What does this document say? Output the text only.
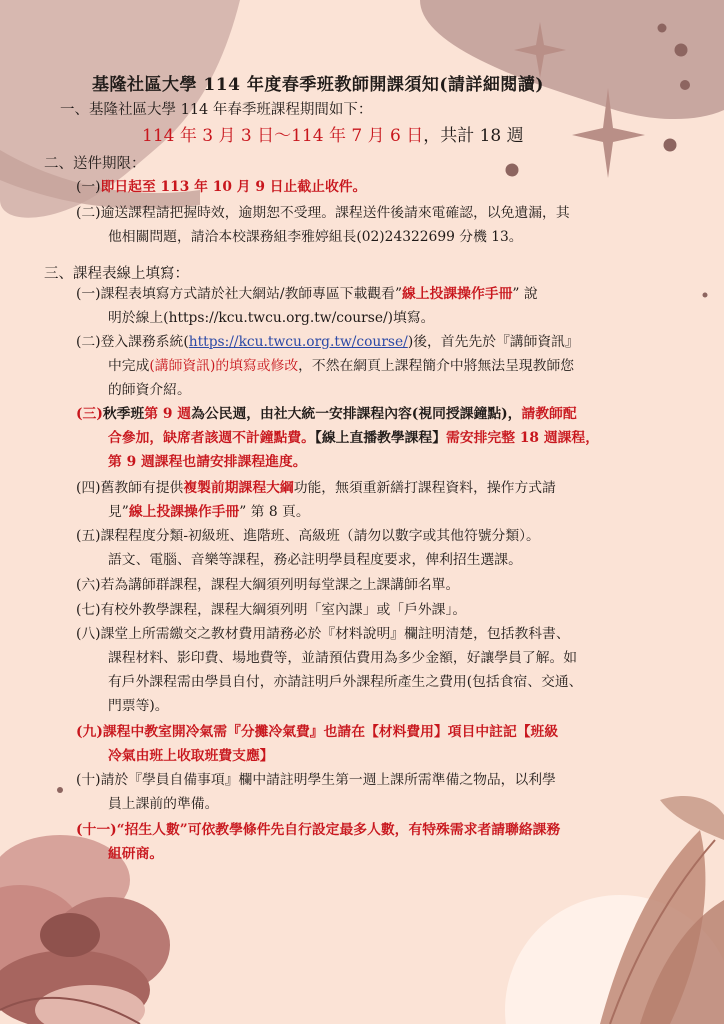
基隆社區大學 114 年度春季班教師開課須知(請詳細閱讀)
一、基隆社區大學 114 年春季班課程期間如下：
114 年 3 月 3 日～114 年 7 月 6 日，共計 18 週
二、送件期限：
(一) 即日起至 113 年 10 月 9 日止截止收件。
(二) 逾送課程請把握時效，逾期恕不受理。課程送件後請來電確認，以免遺漏，其
他相關問題，請洽本校課務組李雅婷組長(02)24322699 分機 13。
三、課程表線上填寫：
(一) 課程表填寫方式請於社大網站/教師專區下載觀看”線上投課操作手冊” 說
明於線上(https://kcu.twcu.org.tw/course/)填寫。
(二) 登入課務系統(https://kcu.twcu.org.tw/course/)後，首先先於『講師資訊』
中完成(講師資訊)的填寫或修改，不然在網頁上課程簡介中將無法呈現教師您
的師資介紹。
(三) 秋季班第 9 週為公民週，由社大統一安排課程內容(視同授課鐘點)，請教師配
合參加，缺席者該週不計鐘點費。【線上直播教學課程】需安排完整 18 週課程，
第 9 週課程也請安排課程進度。
(四) 舊教師有提供複製前期課程大綱功能，無須重新繕打課程資料，操作方式請
見”線上投課操作手冊” 第 8 頁。
(五) 課程程度分類-初級班、進階班、高級班（請勿以數字或其他符號分類）。
語文、電腦、音樂等課程，務必註明學員程度要求，俾利招生選課。
(六) 若為講師群課程，課程大綱須列明每堂課之上課講師名單。
(七) 有校外教學課程，課程大綱須列明「室內課」或「戶外課」。
(八) 課堂上所需繳交之教材費用請務必於『材料說明』欄註明清楚，包括教科書、
課程材料、影印費、場地費等，並請預估費用為多少金額，好讓學員了解。如
有戶外課程需由學員自付，亦請註明戶外課程所產生之費用(包括食宿、交通、
門票等)。
(九) 課程中教室開冷氣需『分攤冷氣費』也請在【材料費用】項目中註記【班級
冷氣由班上收取班費支應】
(十) 請於『學員自備事項』欄中請註明學生第一週上課所需準備之物品，以利學
員上課前的準備。
(十一) “招生人數”可依教學條件先自行設定最多人數，有特殊需求者請聯絡課務
組研商。
